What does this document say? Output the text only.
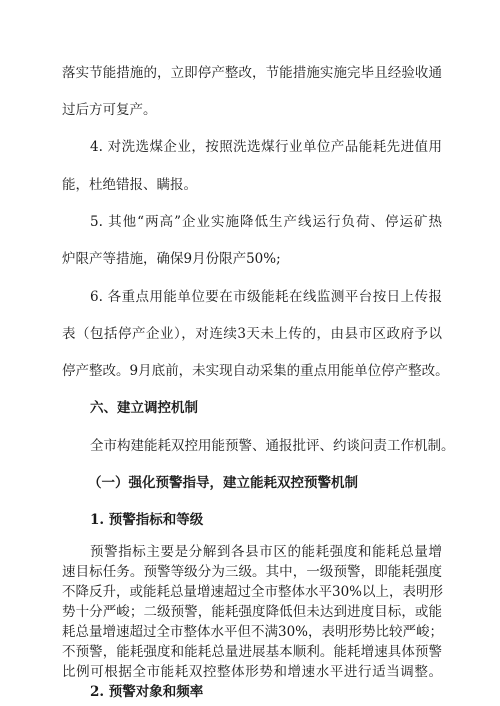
落实节能措施的，立即停产整改，节能措施实施完毕且经验收通
过后方可复产。
4. 对洗选煤企业，按照洗选煤行业单位产品能耗先进值用
能，杜绝错报、瞒报。
5. 其他“两高”企业实施降低生产线运行负荷、停运矿热
炉限产等措施，确保9月份限产50%;
6. 各重点用能单位要在市级能耗在线监测平台按日上传报
表（包括停产企业），对连续3天未上传的，由县市区政府予以
停产整改。9月底前，未实现自动采集的重点用能单位停产整改。
六、建立调控机制
全市构建能耗双控用能预警、通报批评、约谈问责工作机制。
（一）强化预警指导，建立能耗双控预警机制
1. 预警指标和等级
预警指标主要是分解到各县市区的能耗强度和能耗总量增
速目标任务。预警等级分为三级。其中，一级预警，即能耗强度
不降反升，或能耗总量增速超过全市整体水平30%以上，表明形
势十分严峻；二级预警，能耗强度降低但未达到进度目标，或能
耗总量增速超过全市整体水平但不满30%，表明形势比较严峻；
不预警，能耗强度和能耗总量进展基本顺利。能耗增速具体预警
比例可根据全市能耗双控整体形势和增速水平进行适当调整。
2. 预警对象和频率
